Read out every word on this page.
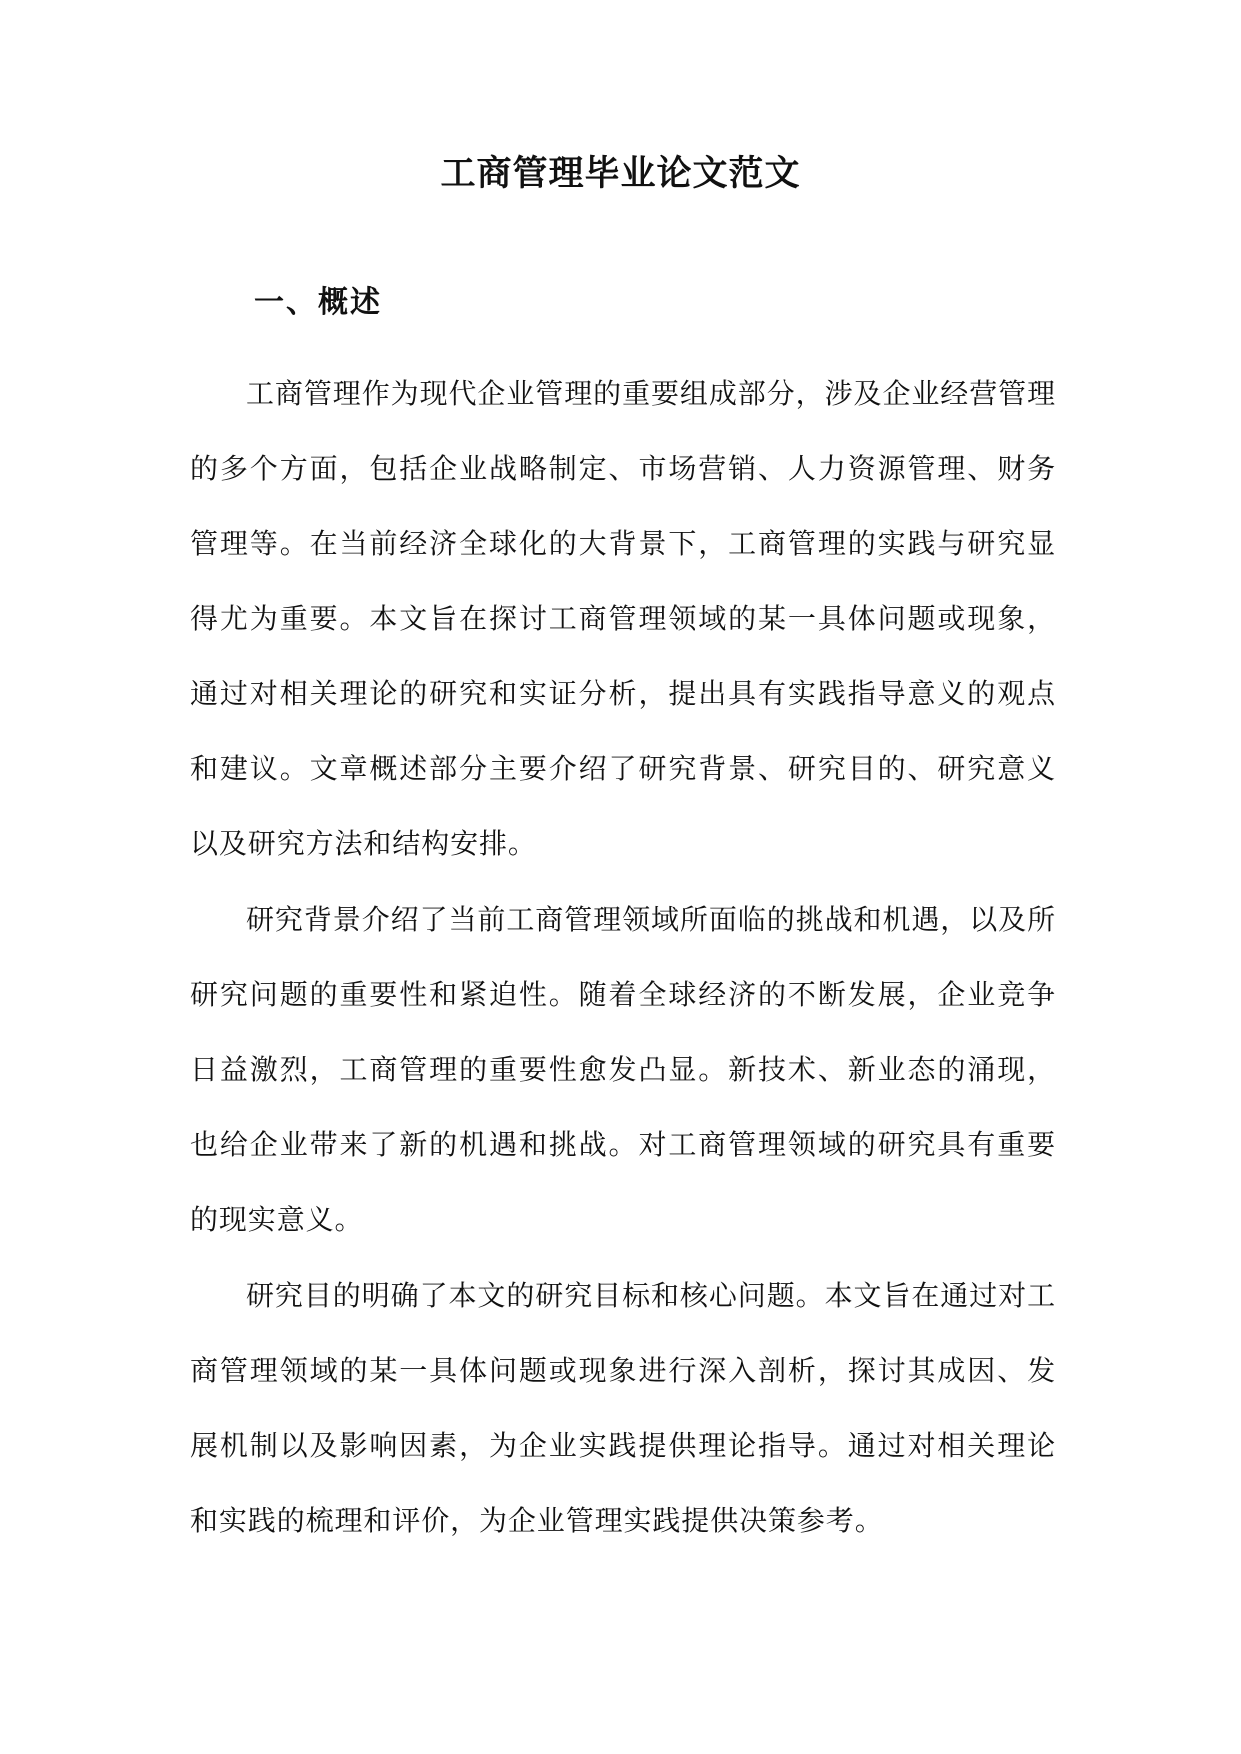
工商管理毕业论文范文
一、概述

工商管理作为现代企业管理的重要组成部分，涉及企业经营管理的多个方面，包括企业战略制定、市场营销、人力资源管理、财务管理等。在当前经济全球化的大背景下，工商管理的实践与研究显得尤为重要。本文旨在探讨工商管理领域的某一具体问题或现象，通过对相关理论的研究和实证分析，提出具有实践指导意义的观点和建议。文章概述部分主要介绍了研究背景、研究目的、研究意义以及研究方法和结构安排。

研究背景介绍了当前工商管理领域所面临的挑战和机遇，以及所研究问题的重要性和紧迫性。随着全球经济的不断发展，企业竞争日益激烈，工商管理的重要性愈发凸显。新技术、新业态的涌现，也给企业带来了新的机遇和挑战。对工商管理领域的研究具有重要的现实意义。

研究目的明确了本文的研究目标和核心问题。本文旨在通过对工商管理领域的某一具体问题或现象进行深入剖析，探讨其成因、发展机制以及影响因素，为企业实践提供理论指导。通过对相关理论和实践的梳理和评价，为企业管理实践提供决策参考。
